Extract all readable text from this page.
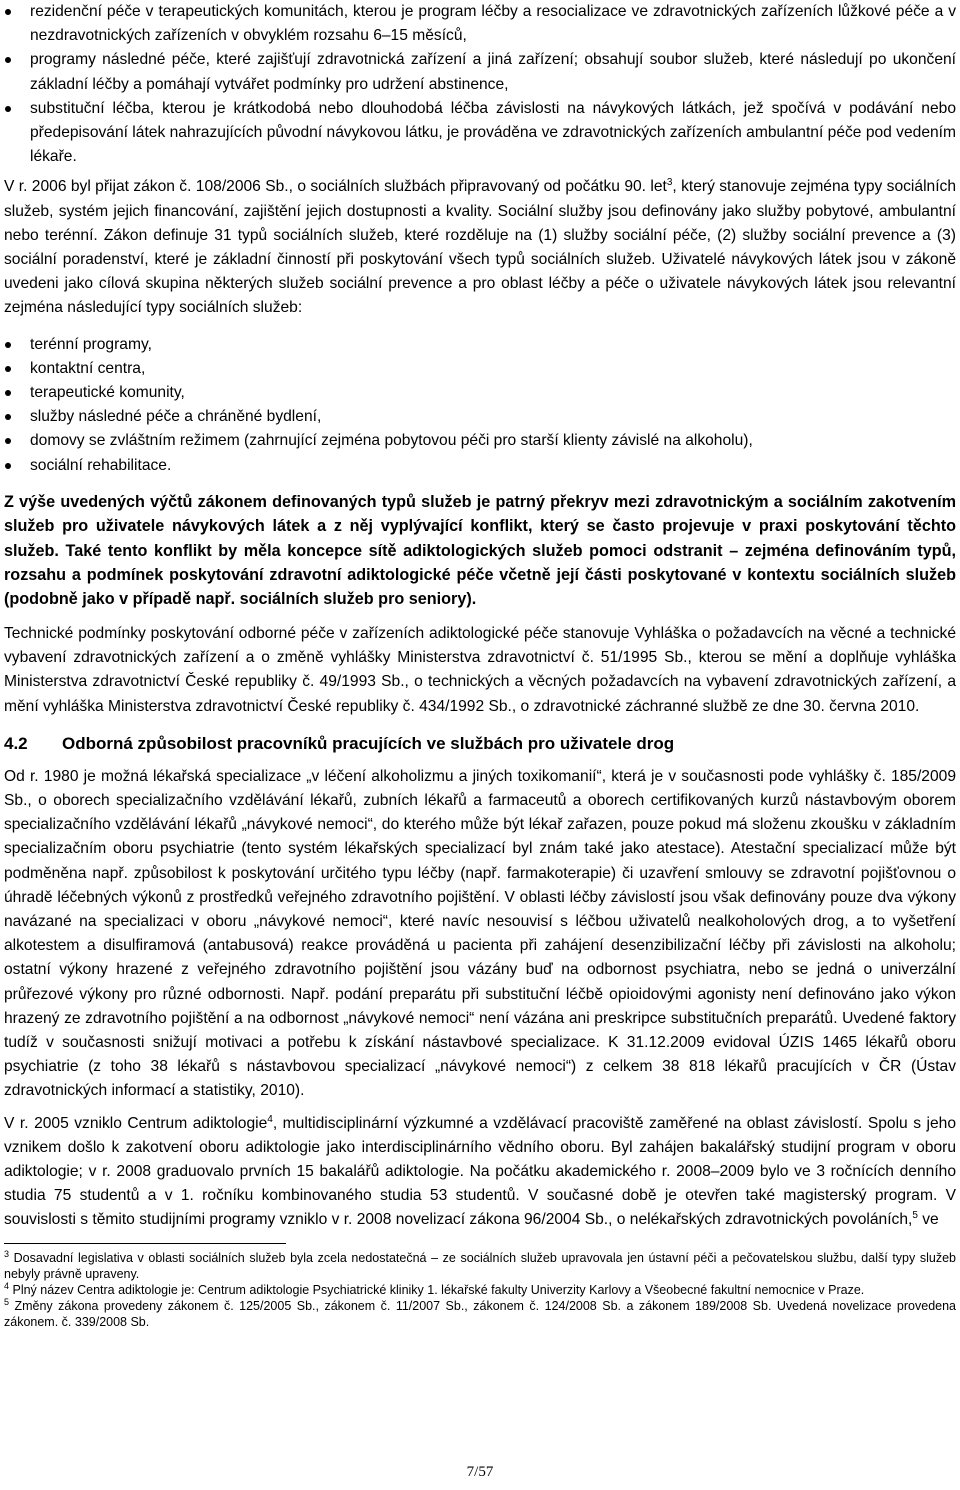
rezidenční péče v terapeutických komunitách, kterou je program léčby a resocializace ve zdravotnických zařízeních lůžkové péče a v nezdravotnických zařízeních v obvyklém rozsahu 6–15 měsíců,
programy následné péče, které zajišťují zdravotnická zařízení a jiná zařízení; obsahují soubor služeb, které následují po ukončení základní léčby a pomáhají vytvářet podmínky pro udržení abstinence,
substituční léčba, kterou je krátkodobá nebo dlouhodobá léčba závislosti na návykových látkách, jež spočívá v podávání nebo předepisování látek nahrazujících původní návykovou látku, je prováděna ve zdravotnických zařízeních ambulantní péče pod vedením lékaře.

V r. 2006 byl přijat zákon č. 108/2006 Sb., o sociálních službách připravovaný od počátku 90. let$^3$, který stanovuje zejména typy sociálních služeb, systém jejich financování, zajištění jejich dostupnosti a kvality. Sociální služby jsou definovány jako služby pobytové, ambulantní nebo terénní. Zákon definuje 31 typů sociálních služeb, které rozděluje na (1) služby sociální péče, (2) služby sociální prevence a (3) sociální poradenství, které je základní činností při poskytování všech typů sociálních služeb. Uživatelé návykových látek jsou v zákoně uvedeni jako cílová skupina některých služeb sociální prevence a pro oblast léčby a péče o uživatele návykových látek jsou relevantní zejména následující typy sociálních služeb:

terénní programy,
kontaktní centra,
terapeutické komunity,
služby následné péče a chráněné bydlení,
domovy se zvláštním režimem (zahrnující zejména pobytovou péči pro starší klienty závislé na alkoholu),
sociální rehabilitace.

Z výše uvedených výčtů zákonem definovaných typů služeb je patrný překryv mezi zdravotnickým a sociálním zakotvením služeb pro uživatele návykových látek a z něj vyplývající konflikt, který se často projevuje v praxi poskytování těchto služeb. Také tento konflikt by měla koncepce sítě adiktologických služeb pomoci odstranit – zejména definováním typů, rozsahu a podmínek poskytování zdravotní adiktologické péče včetně její části poskytované v kontextu sociálních služeb (podobně jako v případě např. sociálních služeb pro seniory).

Technické podmínky poskytování odborné péče v zařízeních adiktologické péče stanovuje Vyhláška o požadavcích na věcné a technické vybavení zdravotnických zařízení a o změně vyhlášky Ministerstva zdravotnictví č. 51/1995 Sb., kterou se mění a doplňuje vyhláška Ministerstva zdravotnictví České republiky č. 49/1993 Sb., o technických a věcných požadavcích na vybavení zdravotnických zařízení, a mění vyhláška Ministerstva zdravotnictví České republiky č. 434/1992 Sb., o zdravotnické záchranné službě ze dne 30. června 2010.

4.2	Odborná způsobilost pracovníků pracujících ve službách pro uživatele drog

Od r. 1980 je možná lékařská specializace „v léčení alkoholizmu a jiných toxikomanií“, která je v současnosti pode vyhlášky č. 185/2009 Sb., o oborech specializačního vzdělávání lékařů, zubních lékařů a farmaceutů a oborech certifikovaných kurzů nástavbovým oborem specializačního vzdělávání lékařů „návykové nemoci“, do kterého může být lékař zařazen, pouze pokud má složenu zkoušku v základním specializačním oboru psychiatrie (tento systém lékařských specializací byl znám také jako atestace). Atestační specializací může být podměněna např. způsobilost k poskytování určitého typu léčby (např. farmakoterapie) či uzavření smlouvy se zdravotní pojišťovnou o úhradě léčebných výkonů z prostředků veřejného zdravotního pojištění. V oblasti léčby závislostí jsou však definovány pouze dva výkony navázané na specializaci v oboru „návykové nemoci“, které navíc nesouvisí s léčbou uživatelů nealkoholových drog, a to vyšetření alkotestem a disulfiramová (antabusová) reakce prováděná u pacienta při zahájení desenzibilizační léčby při závislosti na alkoholu; ostatní výkony hrazené z veřejného zdravotního pojištění jsou vázány buď na odbornost psychiatra, nebo se jedná o univerzální průřezové výkony pro různé odbornosti. Např. podání preparátu při substituční léčbě opioidovými agonisty není definováno jako výkon hrazený ze zdravotního pojištění a na odbornost „návykové nemoci“ není vázána ani preskripce substitučních preparátů. Uvedené faktory tudíž v současnosti snižují motivaci a potřebu k získání nástavbové specializace. K 31.12.2009 evidoval ÚZIS 1465 lékařů oboru psychiatrie (z toho 38 lékařů s nástavbovou specializací „návykové nemoci“) z celkem 38 818 lékařů pracujících v ČR (Ústav zdravotnických informací a statistiky, 2010).

V r. 2005 vzniklo Centrum adiktologie$^4$, multidisciplinární výzkumné a vzdělávací pracoviště zaměřené na oblast závislostí. Spolu s jeho vznikem došlo k zakotvení oboru adiktologie jako interdisciplinárního vědního oboru. Byl zahájen bakalářský studijní program v oboru adiktologie; v r. 2008 graduovalo prvních 15 bakalářů adiktologie. Na počátku akademického r. 2008–2009 bylo ve 3 ročnících denního studia 75 studentů a v 1. ročníku kombinovaného studia 53 studentů. V současné době je otevřen také magisterský program. V souvislosti s těmito studijními programy vzniklo v r. 2008 novelizací zákona 96/2004 Sb., o nelékařských zdravotnických povoláních,$^5$ ve

$^3$ Dosavadní legislativa v oblasti sociálních služeb byla zcela nedostatečná – ze sociálních služeb upravovala jen ústavní péči a pečovatelskou službu, další typy služeb nebyly právně upraveny.

$^4$ Plný název Centra adiktologie je: Centrum adiktologie Psychiatrické kliniky 1. lékařské fakulty Univerzity Karlovy a Všeobecné fakultní nemocnice v Praze.

$^5$ Změny zákona provedeny zákonem č. 125/2005 Sb., zákonem č. 11/2007 Sb., zákonem č. 124/2008 Sb. a zákonem 189/2008 Sb. Uvedená novelizace provedena zákonem. č. 339/2008 Sb.

7/57
